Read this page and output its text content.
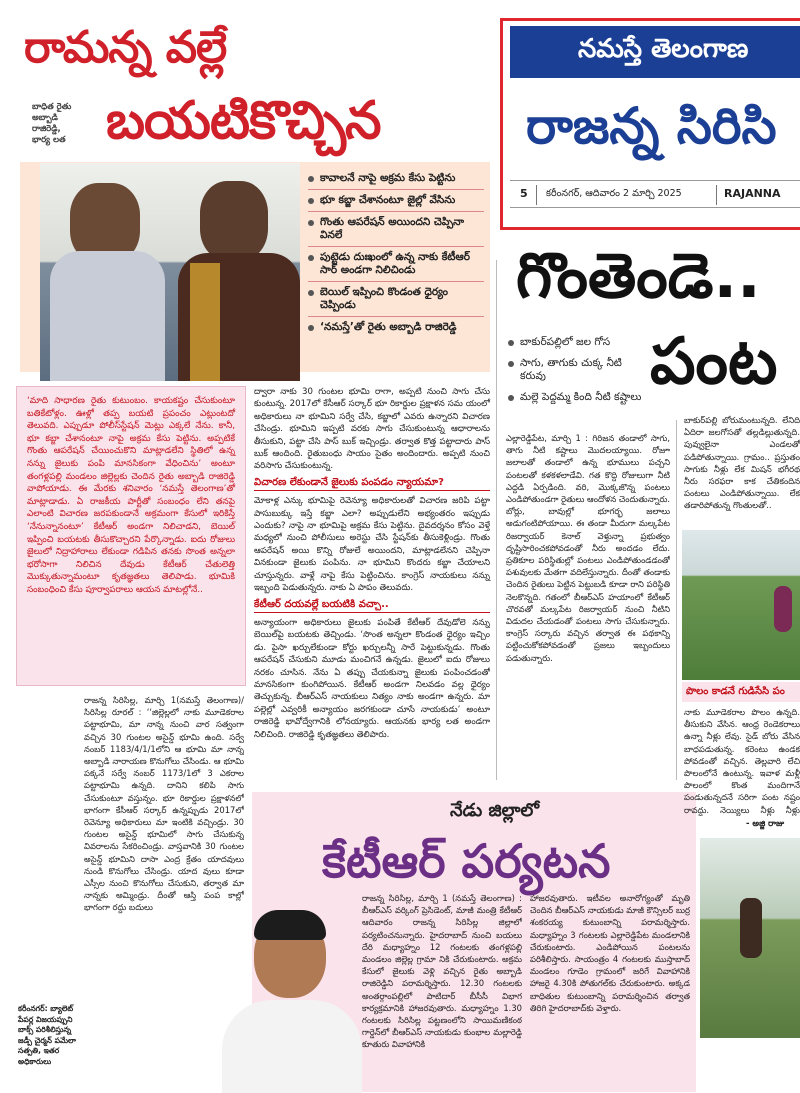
రామన్న వల్లే
బాధిత రైతు
అబ్బాడి
రాజిరెడ్డి,
భార్య లత బయటికొచ్చిన
కావాలనే నాపై అక్రమ కేసు పెట్టిను
భూ కబ్జా చేశానంటూ జైల్లో వేసిను
గొంతు ఆపరేషన్ అయిందని చెప్పినా వినలే
పుట్టెడు దుఃఖంలో ఉన్న నాకు కేటీఆర్ సార్ అండగా నిలిచిండు
బెయిల్ ఇప్పించి కొండంత ధైర్యం చెప్పిండు
‘నమస్తే’తో రైతు అబ్బాడి రాజిరెడ్డి
‘మాది సాధారణ రైతు కుటుంబం. కాయకష్టం చేసుకుంటూ బతికేటోళ్లం. ఊళ్లో తప్ప బయటి ప్రపంచం ఎట్లుంటదో తెలువది. ఎప్పుడూ పోలీస్‌స్టేషన్ మెట్లు ఎక్కలే నేను. కానీ, భూ కబ్జా చేశానంటూ నాపై అక్రమ కేసు పెట్టిను. అప్పటికే గొంతు ఆపరేషన్ చేయించుకొని మాట్లాడలేని స్థితిలో ఉన్న నన్ను జైలుకు పంపి మానసికంగా వేధించిను’ అంటూ తంగళ్లపల్లి మండలం జిల్లెల్లకు చెందిన రైతు అబ్బాడి రాజిరెడ్డి వాపోయాడు. ఈ మేరకు శనివారం ‘నమస్తే తెలంగాణ’తో మాట్లాడాడు. ఏ రాజకీయ పార్టీతో సంబంధం లేని తనపై ఎలాంటి విచారణ జరపకుండానే అక్రమంగా కేసులో ఇరికిస్తే ‘నేనున్నానంటూ’ కేటీఆర్ అండగా నిలిచాడని, బెయిల్ ఇప్పించి బయటకు తీసుకొచ్చారని పేర్కొన్నాడు. ఐదు రోజులు జైలులో నిద్రాహారాలు లేకుండా గడిపిన తనకు సొంత అన్నలా భరోసాగా నిలిచిన దేవుడు కేటీఆర్ చేతులెత్తి మొక్కుతున్నామంటూ కృతజ్ఞతలు తెలిపాడు. భూమికి సంబంధించి కేసు పూర్వాపరాలు ఆయన మాటల్లోనే..

ద్వారా నాకు 30 గుంటల భూమి రాగా, అప్పటి నుంచి సాగు చేసు కుంటున్న. 2017లో కేసీఆర్ సర్కార్ భూ రికార్డుల ప్రక్షాళన సమ యంలో అధికారులు నా భూమిని సర్వే చేసి, కబ్జాలో ఎవరు ఉన్నారని విచారణ చేసిండ్రు. భూమిని ఇప్పటి వరకు సాగు చేసుకుంటున్న ఆధారాలను తీసుకుని, పట్టా చేసి పాస్ బుక్ ఇచ్చిండ్రు. తర్వాత కొత్త పట్టాదారు పాస్ బుక్ ఆందింది. రైతుబంధు సాయం సైతం అందిందారు. అప్పటి నుంచి వరిసాగు చేసుకుంటున్న.

విచారణ లేకుండానే జైలుకు పంపడం న్యాయమా?

మోకాళ్ల ఎన్కు భూమిపై రెవెన్యూ అధికారులతో విచారణ జరిపి పట్టా పాసుబుక్కు ఇస్తే కబ్జా ఎలా? అప్పుడులేని అభ్యంతరం ఇప్పుడు ఎందుకు? నాపై నా భూమిపై అక్రమ కేసు పెట్టిను. దైవదర్శనం కోసం వెళ్తే మధ్యలో నుంచి పోలీసులు అరెస్టు చేసి స్టేషన్‌కు తీసుకెళ్లిండ్రు. గొంతు ఆపరేషన్ అయి కొన్ని రోజులే అయిందని, మాట్లాడలేనని చెప్పినా వినకుండా జైలుకు పంపిను. నా భూమిని కొందరు కబ్జా చేయాలని చూస్తున్నరు. వాళ్లే నాపై కేసు పెట్టించిను. కాంగ్రెస్ నాయకులు నన్ను ఇబ్బంది పెడుతున్నరు. నాకు ఏ పాపం తెలువదు.

కేటీఆర్ దయవల్లే బయటికి వచ్చా..

అన్యాయంగా అధికారులు జైలుకు పంపితే కేటీఆర్ దేవుడోలె నన్ను బెయిల్‌పై బయటకు తెచ్చిండు. ‘సొంత అన్నలా కొండంత ధైర్యం ఇచ్చిం డు. పైసా ఖర్చులేకుండా కోర్టు ఖర్చులన్నీ సారే పెట్టుకున్నడు. గొంతు ఆపరేషన్ చేసుకుని మూడు మంచిగనే ఉన్నడు. జైలులో ఐదు రోజులు నరకం చూసిన. నేను ఏ తప్పు చేయకున్నా జైలుకు పంపించడంతో మానసికంగా కుంగిపోయిన. కేటీఆర్ అండగా నిలవడం వల్ల ధైర్యం తెచ్చుకున్న. బీఆర్‌ఎస్ నాయకులు నిత్యం నాకు అండగా ఉన్నరు. మా పల్లెల్లో ఎవ్వరికీ అన్యాయం జరగకుండా చూసే నాయకుడు’ అంటూ రాజిరెడ్డి భావోద్వేగానికి లోనయ్యారు. ఆయనకు భార్య లత అండగా నిలిచింది. రాజిరెడ్డి కృతజ్ఞతలు తెలిపారు.

రాజన్న సిరిసిల్ల, మార్చి 1(నమస్తే తెలంగాణ)/సిరిసిల్ల రూరల్ : ‘‘జిల్లెల్లలో నాకు మూడెకరాల పట్టాభూమి, మా నాన్న నుంచి వార సత్వంగా వచ్చిన 30 గుంటల అసైన్డ్ భూమి ఉంది. సర్వే నంబర్ 1183/4/1/1లోని ఆ భూమి మా నాన్న అబ్బాడి నారాయణ కొనుగోలు చేసిండు. ఆ భూమి పక్కనే సర్వే నంబర్ 1173/1లో 3 ఎకరాల పట్టాభూమి ఉన్నది. దానిని కలిపి సాగు చేసుకుంటూ వస్తున్నం. భూ రికార్డుల ప్రక్షాళనలో భాగంగా కేసీఆర్ సర్కార్ ఉన్నప్పుడు 2017లో రెవెన్యూ అధికారులు మా ఇంటికి వచ్చిండ్రు. 30 గుంటల అసైన్డ్ భూమిలో సాగు చేసుకున్న వివరాలను సేకరించిండ్రు. వాస్తవానికి 30 గుంటల అసైన్డ్ భూమిని దాసా ఎంద్ర క్రేతం యాదవులు నుండి కొనుగోలు చేసిండ్రు. యాద వులు కూడా ఎస్సీల నుంచి కొనుగోలు చేసుకుని, తర్వాత మా నాన్నకు అమ్మిండ్రు. దీంతో ఆస్తి పంప కాల్లో భాగంగా రద్దు బదులు
కరీంనగర్: బ్యాలెట్ పేపర్ల విజయప్పుని బాక్స్ పరిశీలిస్తున్న జడ్పీ చైర్మన్ పమేలా సత్పతి, ఇతర అధికారులు
నేడు జిల్లాలో
కేటీఆర్ పర్యటన
రాజన్న సిరిసిల్ల, మార్చి 1 (నమస్తే తెలంగాణ) : బీఆర్‌ఎస్ వర్కింగ్ ప్రెసిడెంట్, మాజీ మంత్రి కేటీఆర్ ఆదివారం రాజన్న సిరిసిల్ల జిల్లాలో పర్యటించనున్నారు. హైదరాబాద్ నుంచి బయలు దేరి మధ్యాహ్నం 12 గంటలకు తంగళ్లపల్లి మండలం జిల్లెల్ల గ్రామా నికి చేరుకుంటారు. అక్రమ కేసులో జైలుకు వెళ్లి వచ్చిన రైతు అబ్బాడి రాజిరెడ్డిని పరామర్శిస్తారు. 12.30 గంటలకు అంతర్గాంపల్లిలో పాటిదార్ బీసీసీ విభాగ కార్యక్రమానికి హాజరవుతారు. మధ్యాహ్నం 1.30 గంటలకు సిరిసిల్ల పట్టణంలోని సాయిమణికంఠ గార్డెన్‌లో బీఆర్‌ఎస్ నాయకుడు కుంభాల మల్లారెడ్డి కూతురు వివాహానికి
హాజరవుతారు. ఇటీవల అనారోగ్యంతో మృతి చెందిన బీఆర్‌ఎస్ నాయకుడు మాజీ కౌన్సిలర్ బుర్ర శంకరయ్య కుటుంబాన్ని పరామర్శిస్తారు. మధ్యాహ్నం 3 గంటలకు ఎల్లారెడ్డిపేట మండలానికి చేరుకుంటారు. ఎండిపోయిన పంటలను పరిశీలిస్తారు. సాయంత్రం 4 గంటలకు ముస్తాబాద్ మండలం గూడెం గ్రామంలో జరిగే వివాహానికి హాజరై 4.30కి పోతుగల్‌కు చేరుకుంటారు. అక్కడ బాధితుల కుటుంబాన్ని పరామర్శించిన తర్వాత తిరిగి హైదరాబాద్‌కు వెళ్తారు.
నమస్తే తెలంగాణ
రాజన్న సిరిసి
5 కరీంనగర్, ఆదివారం 2 మార్చి 2025	RAJANNA
గొంతెండె..
పంట
బాకుర్‌పల్లిలో జల గోస
సాగు, తాగుకు చుక్క నీటి కరువు
మల్లె పెద్దమ్మ కింది నీటి కష్టాలు
ఎల్లారెడ్డిపేట, మార్చి 1 : గిరిజన తండాలో సాగు, తాగు నీటి కష్టాలు మొదలయ్యాయి. రోజూ జలాలతో తండాలో ఉన్న భూములు పచ్చని పంటలతో కళకళలాడేవి. గత కొద్ది రోజులుగా నీటి ఎద్దడి ఏర్పడింది. వరి, మొక్కజొన్న పంటలు ఎండిపోతుండగా రైతులు ఆందోళన చెందుతున్నారు. బోర్లు, బావుల్లో భూగర్భ జలాలు అడుగంటిపోయాయి. ఈ తండా మీదుగా మల్కపేట రిజర్వాయర్ కెనాల్ వెళ్తున్నా ప్రభుత్వం దృష్టిసారించకపోవడంతో నీరు అందడం లేదు. ప్రతికూల పరిస్థితుల్లో పంటలు ఎండిపోతుండడంతో పశువులకు మేతగా వదిలేస్తున్నారు. దీంతో తండాకు చెందిన రైతులు పెట్టిన పెట్టుబడి కూడా రాని పరిస్థితి నెలకొన్నది. గతంలో బీఆర్‌ఎస్ హయాంలో కేటీఆర్ చొరవతో మల్కపేట రిజర్వాయర్ నుంచి నీటిని విడుదల చేయడంతో పంటలు సాగు చేసుకున్నారు. కాంగ్రెస్ సర్కారు వచ్చిన తర్వాత ఈ పథకాన్ని పట్టించుకోకపోవడంతో ప్రజలు ఇబ్బందులు పడుతున్నారు.
బాకుర్‌పల్లి బోరుమంటున్నది. లేనిది ఏదిరా జలగోసతో తల్లడిల్లుతున్నది. పువ్వులైనా ఎండలతో పడిపోతున్నాయి. గ్రామం.. ప్రస్తుతం సాగుకు నీళ్లు లేక మిషన్ భగీరథ నీరు సరఫరా కాక చేతికందిన పంటలు ఎండిపోతున్నాయి. లేక తడారిపోతున్న గొంతులతో..
పొలం కాడనే గుడిసేసి పం
నాకు మూడెకరాల పొలం ఉన్నది. తీసుకుని వేసిన. ఆంధ్ర రెండెకరాలు ఉన్నా నీళ్లు లేవు. సైడ్ బోరు వేసిన బాధపడుతున్న. కరెంటు ఉండక పోవడంతో వచ్చిన. తెల్లవారి లేచి పొలంలోనే ఉంటున్న. ఇవాళ మళ్లీ పొలంలో కొంత మందిగానే పండుతున్నదనే సరిగా పంట నష్టం రావద్దు. నెయ్యిలు నీళ్లు నీళ్లు
- అజ్జి రాజు
